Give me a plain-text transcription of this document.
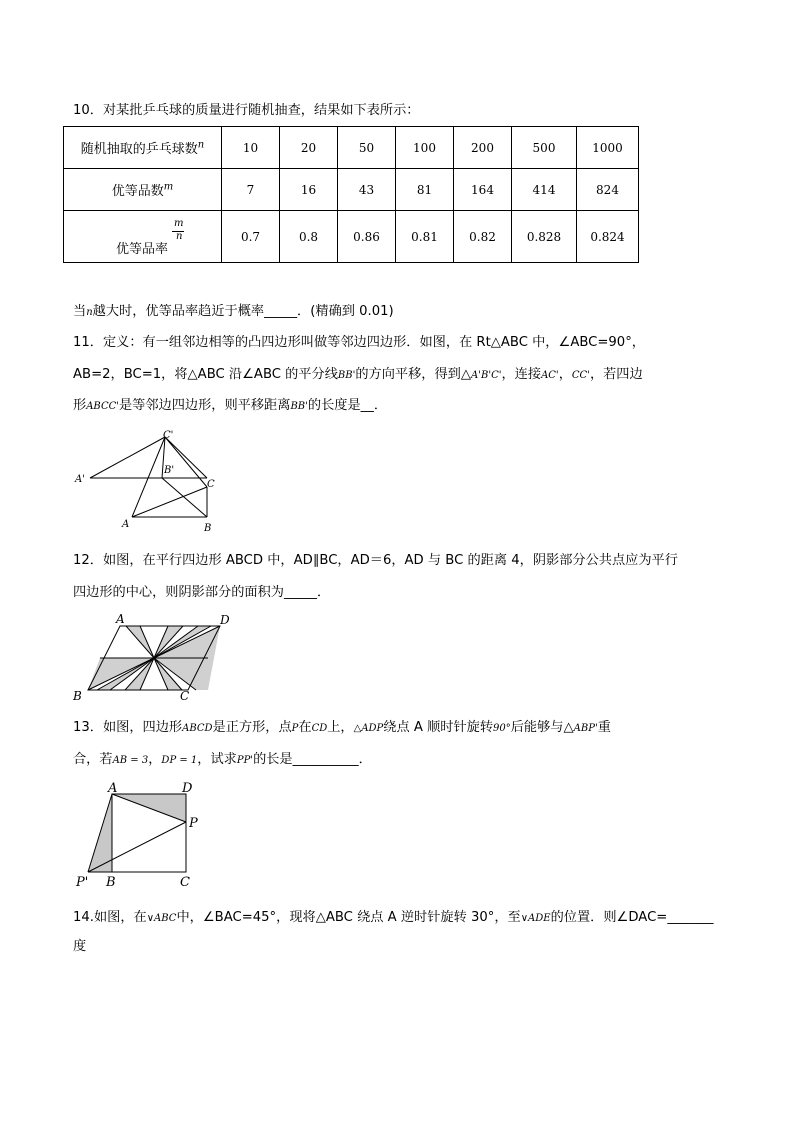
10．对某批乒乓球的质量进行随机抽查，结果如下表所示：
随机抽取的乒乓球数$^n$	10	20	50	100	200	500	1000
优等品数$^m$	7	16	43	81	164	414	824

m
n
优等品率	0.7	0.8	0.86	0.81	0.82	0.828	0.824
当n越大时，优等品率趋近于概率_____．(精确到 0.01)
11．定义：有一组邻边相等的凸四边形叫做等邻边四边形．如图，在 Rt△ABC 中，∠ABC=90°，
AB=2，BC=1，将△ABC 沿∠ABC 的平分线BB'的方向平移，得到△A'B'C'，连接AC'，CC'，若四边
形ABCC'是等邻边四边形，则平移距离BB'的长度是__．
C'
B'
A'	C
A	B
12．如图，在平行四边形 ABCD 中，AD∥BC，AD＝6，AD 与 BC 的距离 4，阴影部分公共点应为平行
四边形的中心，则阴影部分的面积为_____．
A	D
B	C
13．如图，四边形ABCD是正方形，点P在CD上，△ADP绕点 A 顺时针旋转90°后能够与△ABP'重
合，若AB = 3，DP = 1，试求PP'的长是__________．
A	D
P
P' B	C
14.如图，在∨ABC中，∠BAC=45°，现将△ABC 绕点 A 逆时针旋转 30°，至∨ADE的位置．则∠DAC=_______
度
